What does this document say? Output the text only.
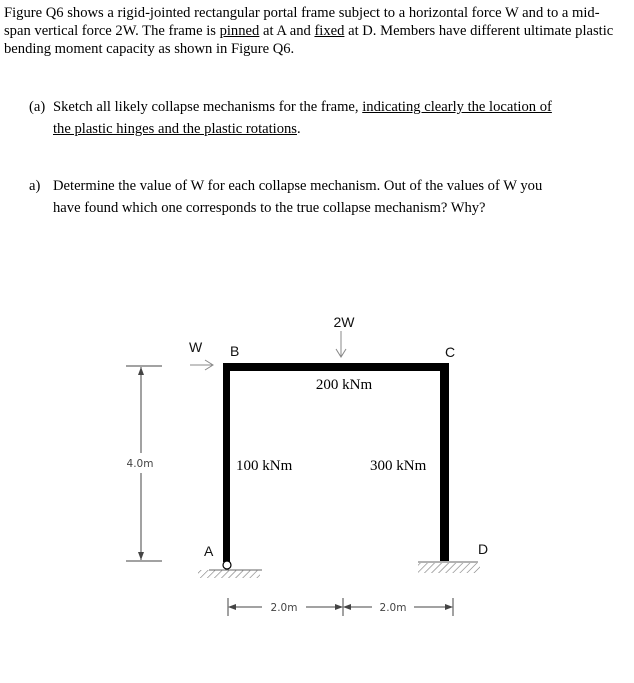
Figure Q6 shows a rigid-jointed rectangular portal frame subject to a horizontal force W and to a mid-span vertical force 2W. The frame is pinned at A and fixed at D. Members have different ultimate plastic bending moment capacity as shown in Figure Q6.

(a) Sketch all likely collapse mechanisms for the frame, indicating clearly the location of
the plastic hinges and the plastic rotations.
a) Determine the value of W for each collapse mechanism. Out of the values of W you
have found which one corresponds to the true collapse mechanism? Why?
2W
W B	C
A	D
200 kNm
100 kNm	300 kNm
4.0m
2.0m	2.0m
